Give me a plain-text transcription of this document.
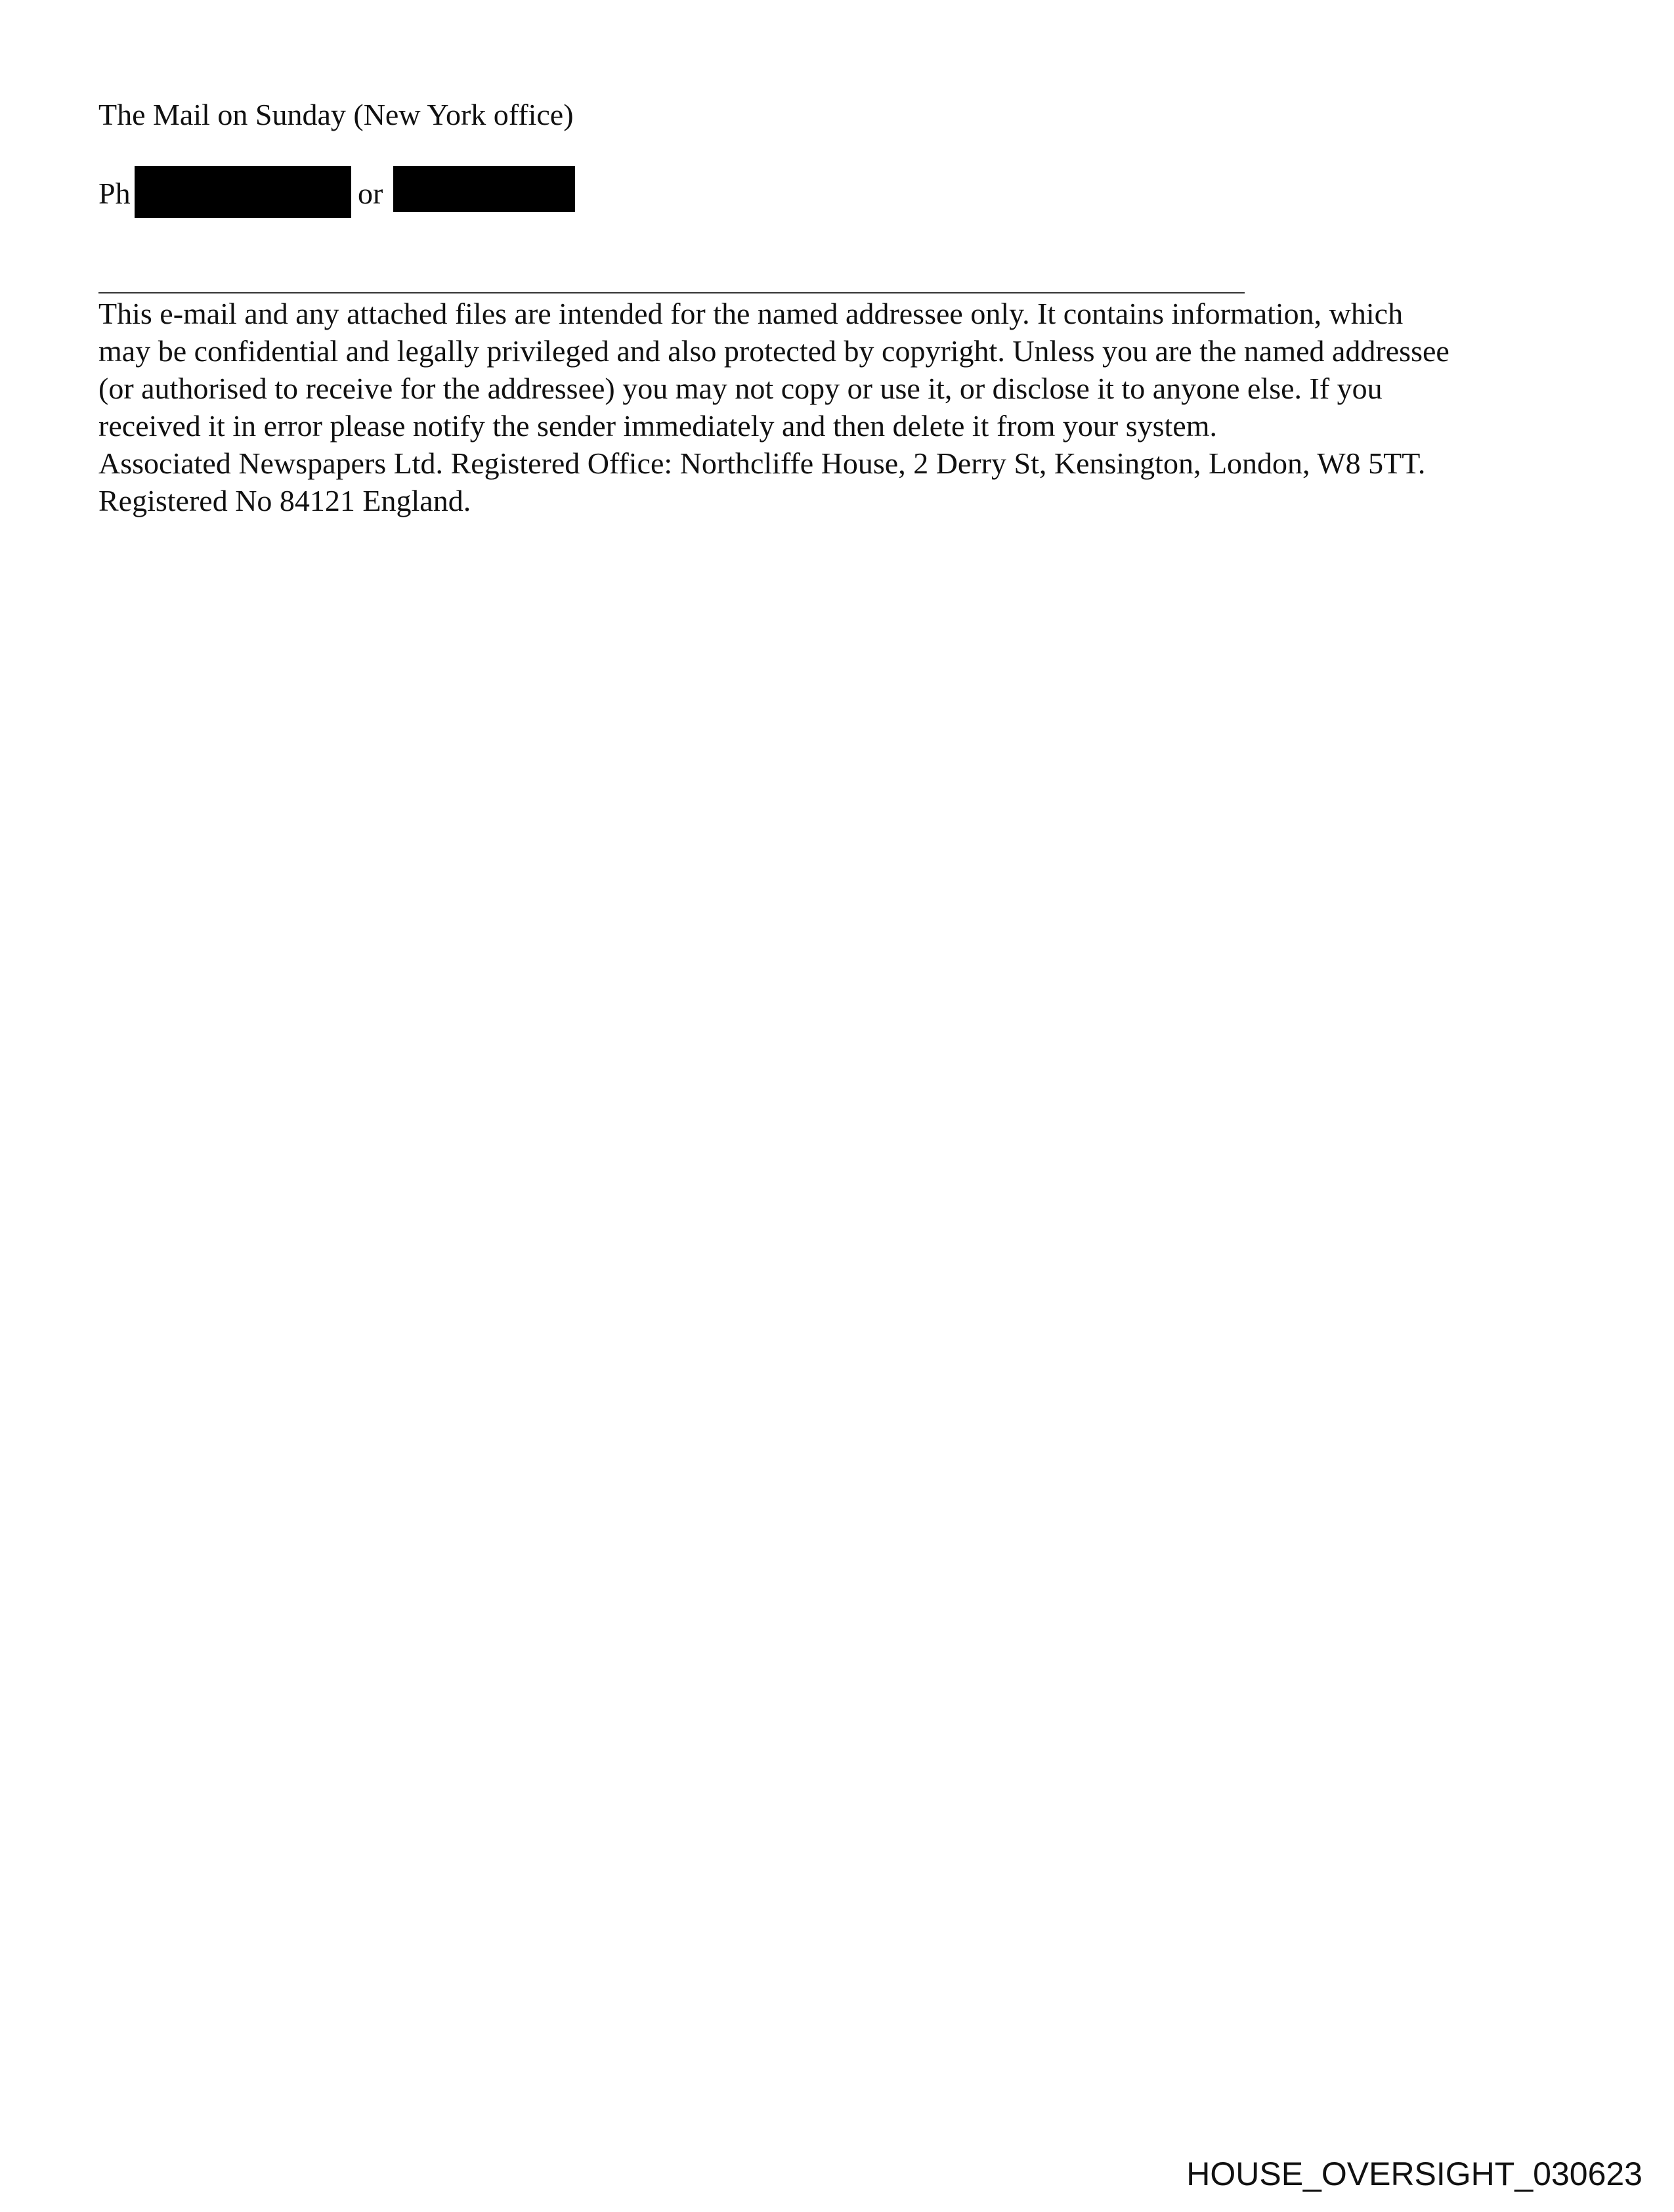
The Mail on Sunday (New York office)

Ph	or

This e-mail and any attached files are intended for the named addressee only. It contains information, which

may be confidential and legally privileged and also protected by copyright. Unless you are the named addressee

(or authorised to receive for the addressee) you may not copy or use it, or disclose it to anyone else. If you

received it in error please notify the sender immediately and then delete it from your system.

Associated Newspapers Ltd. Registered Office: Northcliffe House, 2 Derry St, Kensington, London, W8 5TT.

Registered No 84121 England.

HOUSE_OVERSIGHT_030623
